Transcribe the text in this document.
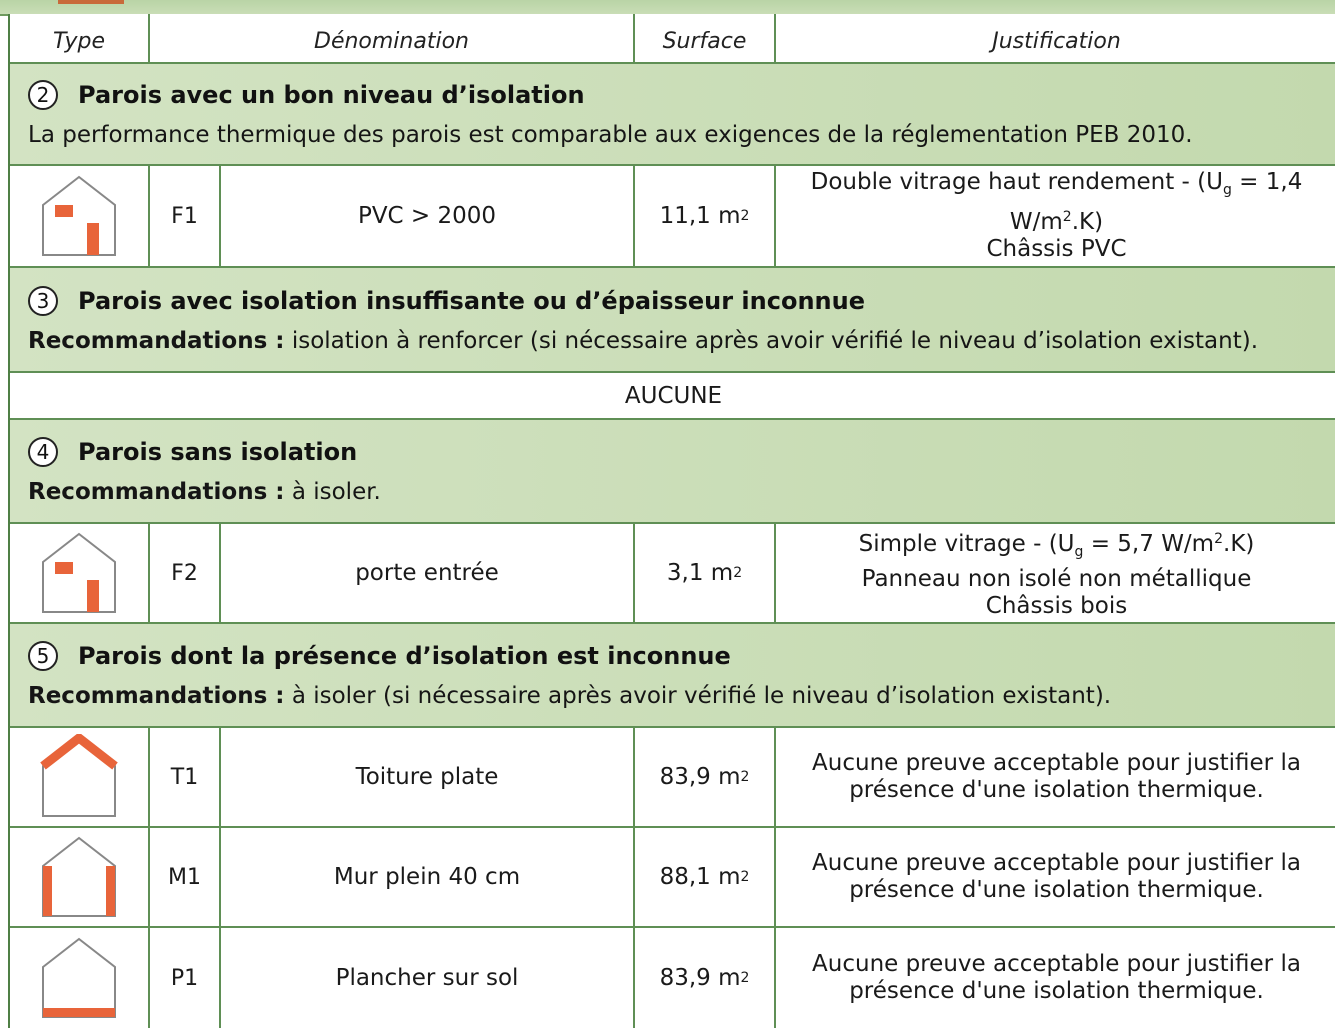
Type	Dénomination	Surface	Justification
2	Parois avec un bon niveau d’isolation
La performance thermique des parois est comparable aux exigences de la réglementation PEB 2010.
F1	PVC > 2000	11,1 m 2
Double vitrage haut rendement - ($U_g = 1,4$
$W/m^2.K$)
Châssis PVC
3	Parois avec isolation insuffisante ou d’épaisseur inconnue
Recommandations : isolation à renforcer (si nécessaire après avoir vérifié le niveau d’isolation existant).
AUCUNE
4	Parois sans isolation
Recommandations : à isoler.
F2	porte entrée	3,1 m 2
Simple vitrage - ($U_g = 5,7$ $W/m^2.K$)
Panneau non isolé non métallique
Châssis bois
5	Parois dont la présence d’isolation est inconnue
Recommandations : à isoler (si nécessaire après avoir vérifié le niveau d’isolation existant).
T1	Toiture plate	83,9 m 2
Aucune preuve acceptable pour justifier la
présence d'une isolation thermique.
M1	Mur plein 40 cm	88,1 m 2
Aucune preuve acceptable pour justifier la
présence d'une isolation thermique.
P1	Plancher sur sol	83,9 m 2
Aucune preuve acceptable pour justifier la
présence d'une isolation thermique.
